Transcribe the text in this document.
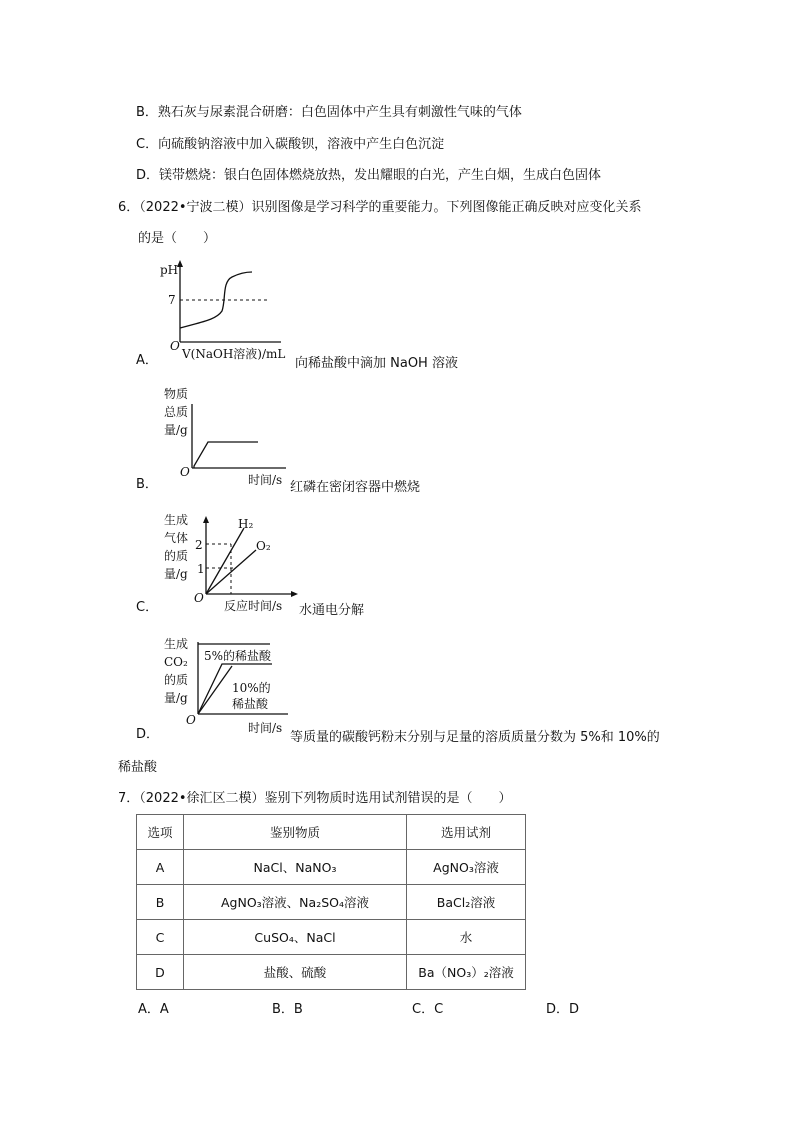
B．熟石灰与尿素混合研磨：白色固体中产生具有刺激性气味的气体
C．向硫酸钠溶液中加入碳酸钡，溶液中产生白色沉淀
D．镁带燃烧：银白色固体燃烧放热，发出耀眼的白光，产生白烟，生成白色固体
6．（2022•宁波二模）识别图像是学习科学的重要能力。下列图像能正确反映对应变化关系
的是（　　）
A．
pH
7
O
V(NaOH溶液)/mL
向稀盐酸中滴加 NaOH 溶液
B．
物质
总质
量/g
O
时间/s 红磷在密闭容器中燃烧
C．
生成
气体
的质
量/g
2
1
O
H₂
O₂
反应时间/s 水通电分解
D．
生成
CO₂
的质
量/g
5%的稀盐酸
10%的
稀盐酸
O
时间/s
等质量的碳酸钙粉末分别与足量的溶质质量分数为 5%和 10%的
稀盐酸
7．（2022•徐汇区二模）鉴别下列物质时选用试剂错误的是（　　）
选项	鉴别物质	选用试剂
A	NaCl、NaNO₃	AgNO₃溶液
B	AgNO₃溶液、Na₂SO₄溶液	BaCl₂溶液
C	CuSO₄、NaCl	水
D	盐酸、硫酸	Ba（NO₃）₂溶液
A．A	B．B	C．C	D．D
